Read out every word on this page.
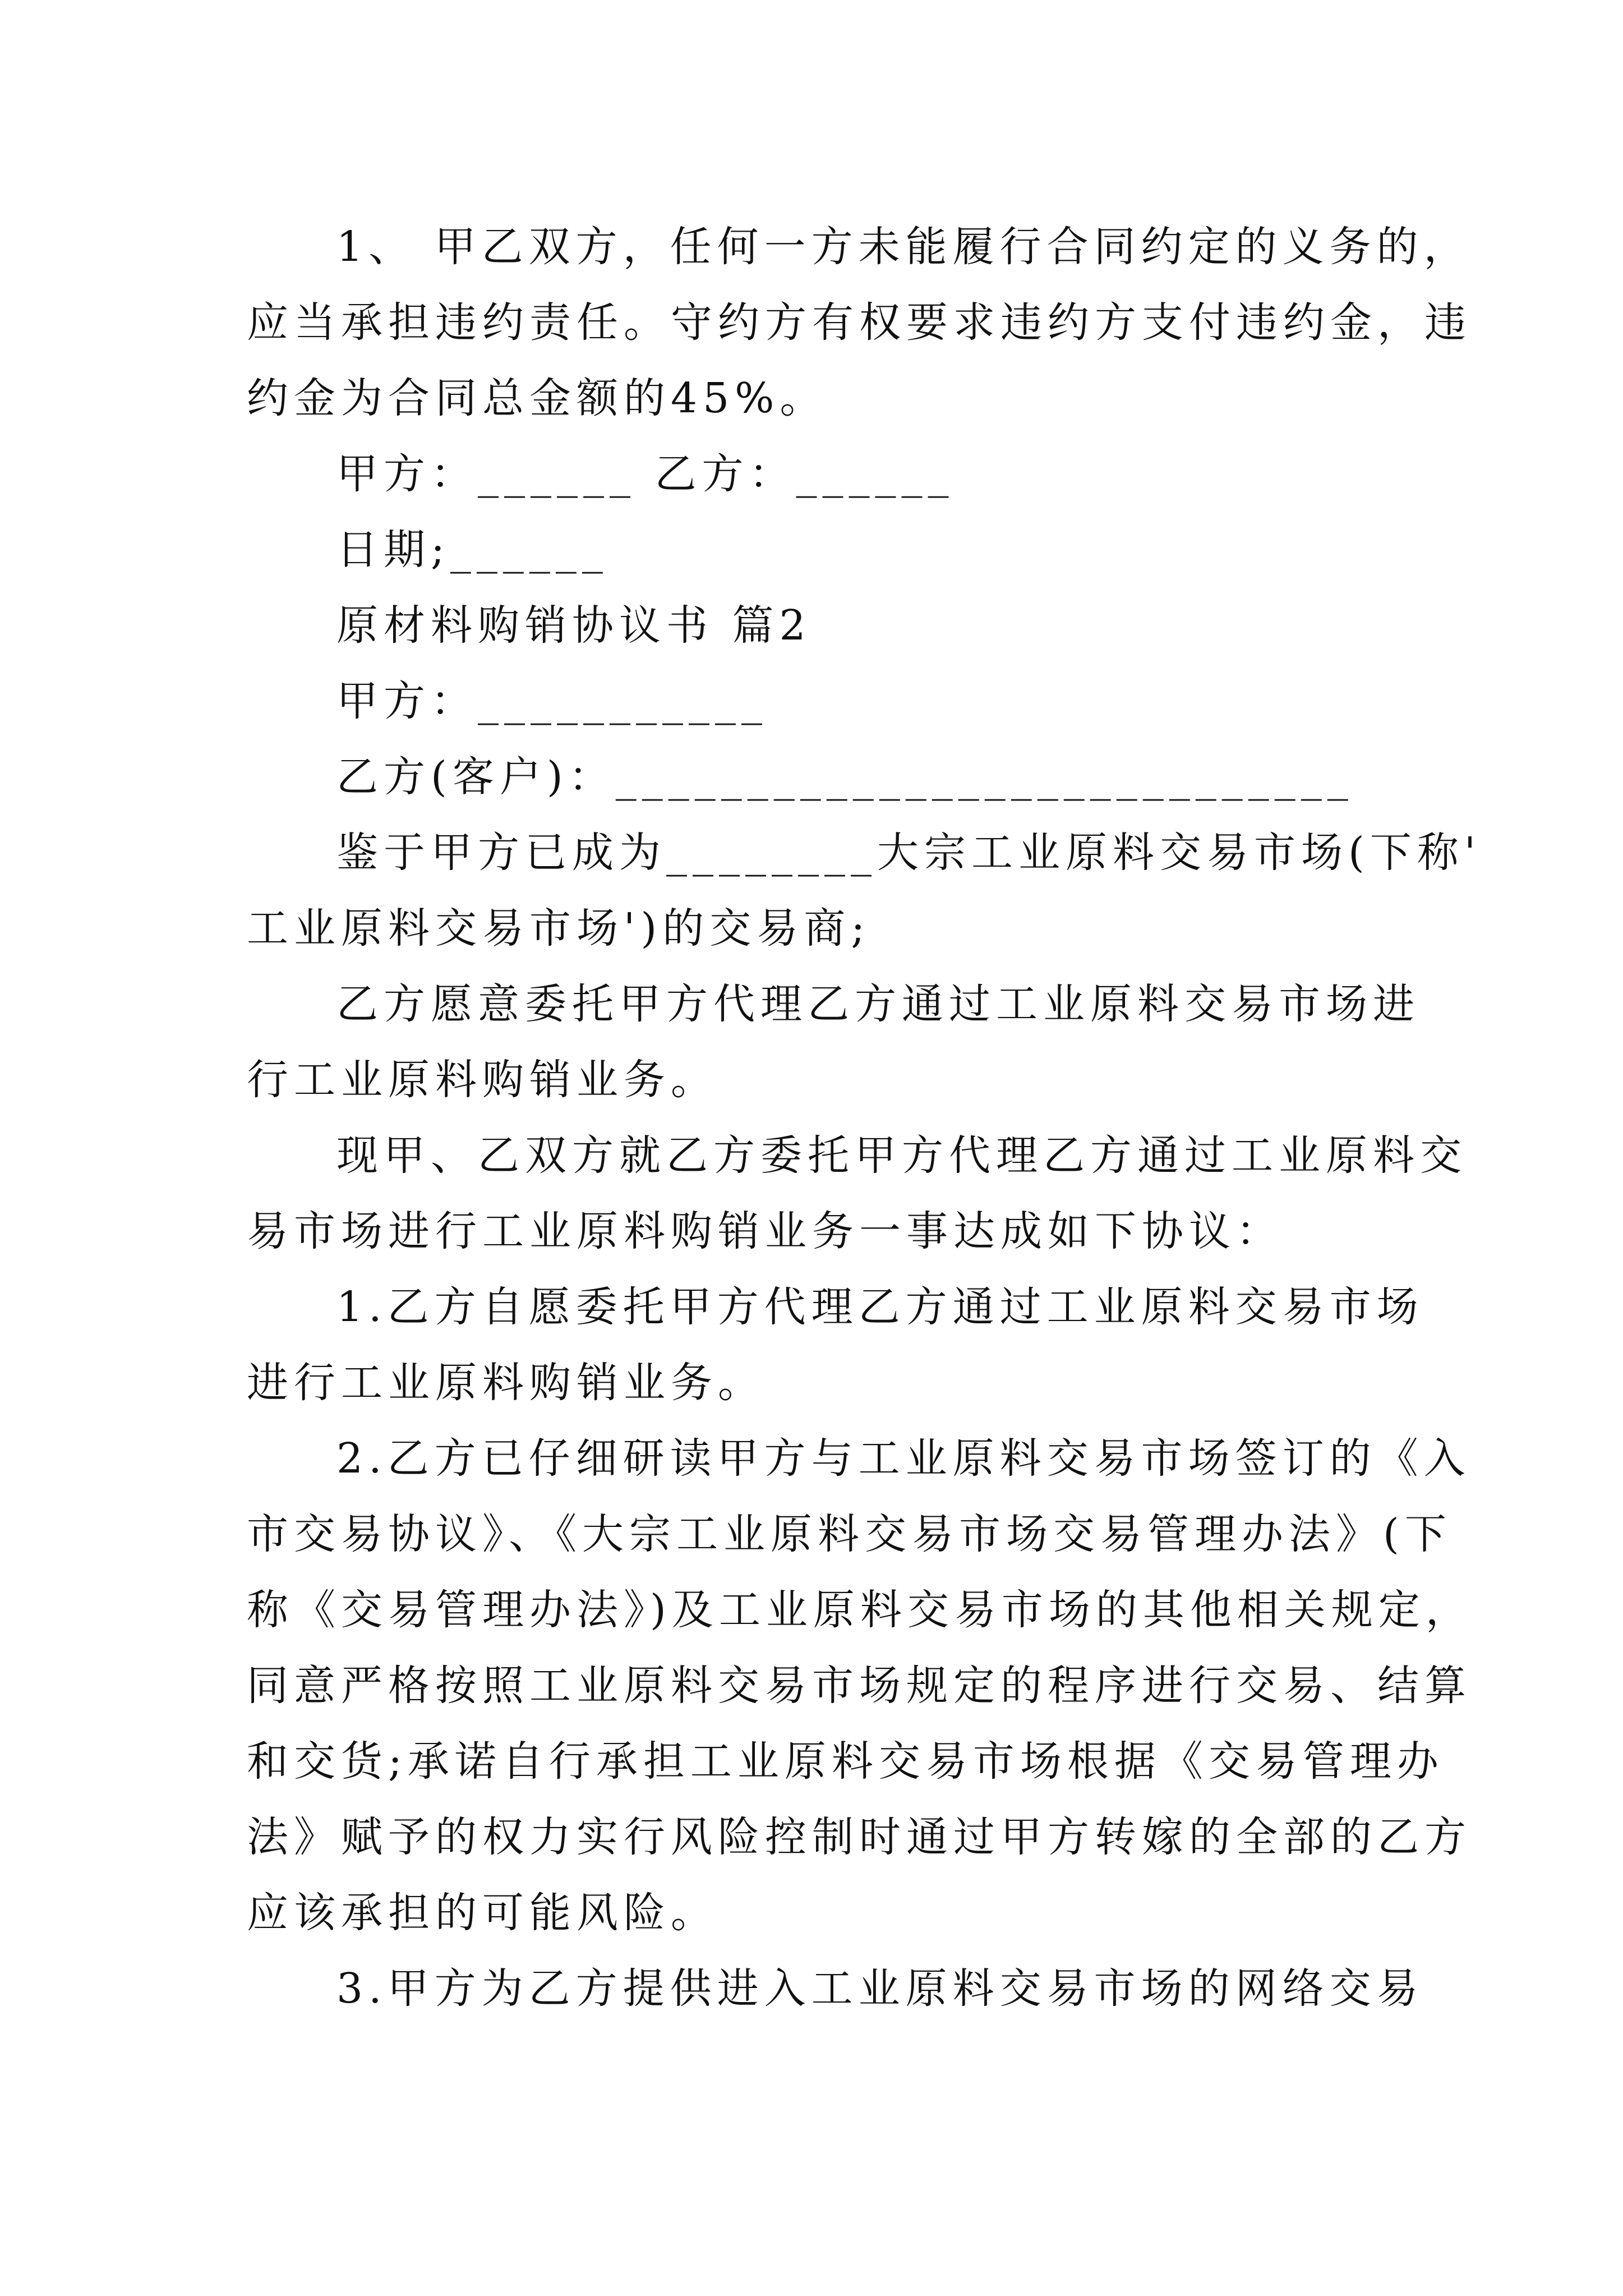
1、 甲乙双方，任何一方未能履行合同约定的义务的，
应当承担违约责任。守约方有权要求违约方支付违约金，违
约金为合同总金额的45%。
甲方：______ 乙方：______
日期;______
原材料购销协议书 篇2
甲方：___________
乙方(客户)：____________________________
鉴于甲方已成为________大宗工业原料交易市场(下称'
工业原料交易市场')的交易商;
乙方愿意委托甲方代理乙方通过工业原料交易市场进
行工业原料购销业务。
现甲、乙双方就乙方委托甲方代理乙方通过工业原料交
易市场进行工业原料购销业务一事达成如下协议：
1.乙方自愿委托甲方代理乙方通过工业原料交易市场
进行工业原料购销业务。
2.乙方已仔细研读甲方与工业原料交易市场签订的《入
市交易协议》、《大宗工业原料交易市场交易管理办法》(下
称《交易管理办法》)及工业原料交易市场的其他相关规定，
同意严格按照工业原料交易市场规定的程序进行交易、结算
和交货;承诺自行承担工业原料交易市场根据《交易管理办
法》赋予的权力实行风险控制时通过甲方转嫁的全部的乙方
应该承担的可能风险。
3.甲方为乙方提供进入工业原料交易市场的网络交易
